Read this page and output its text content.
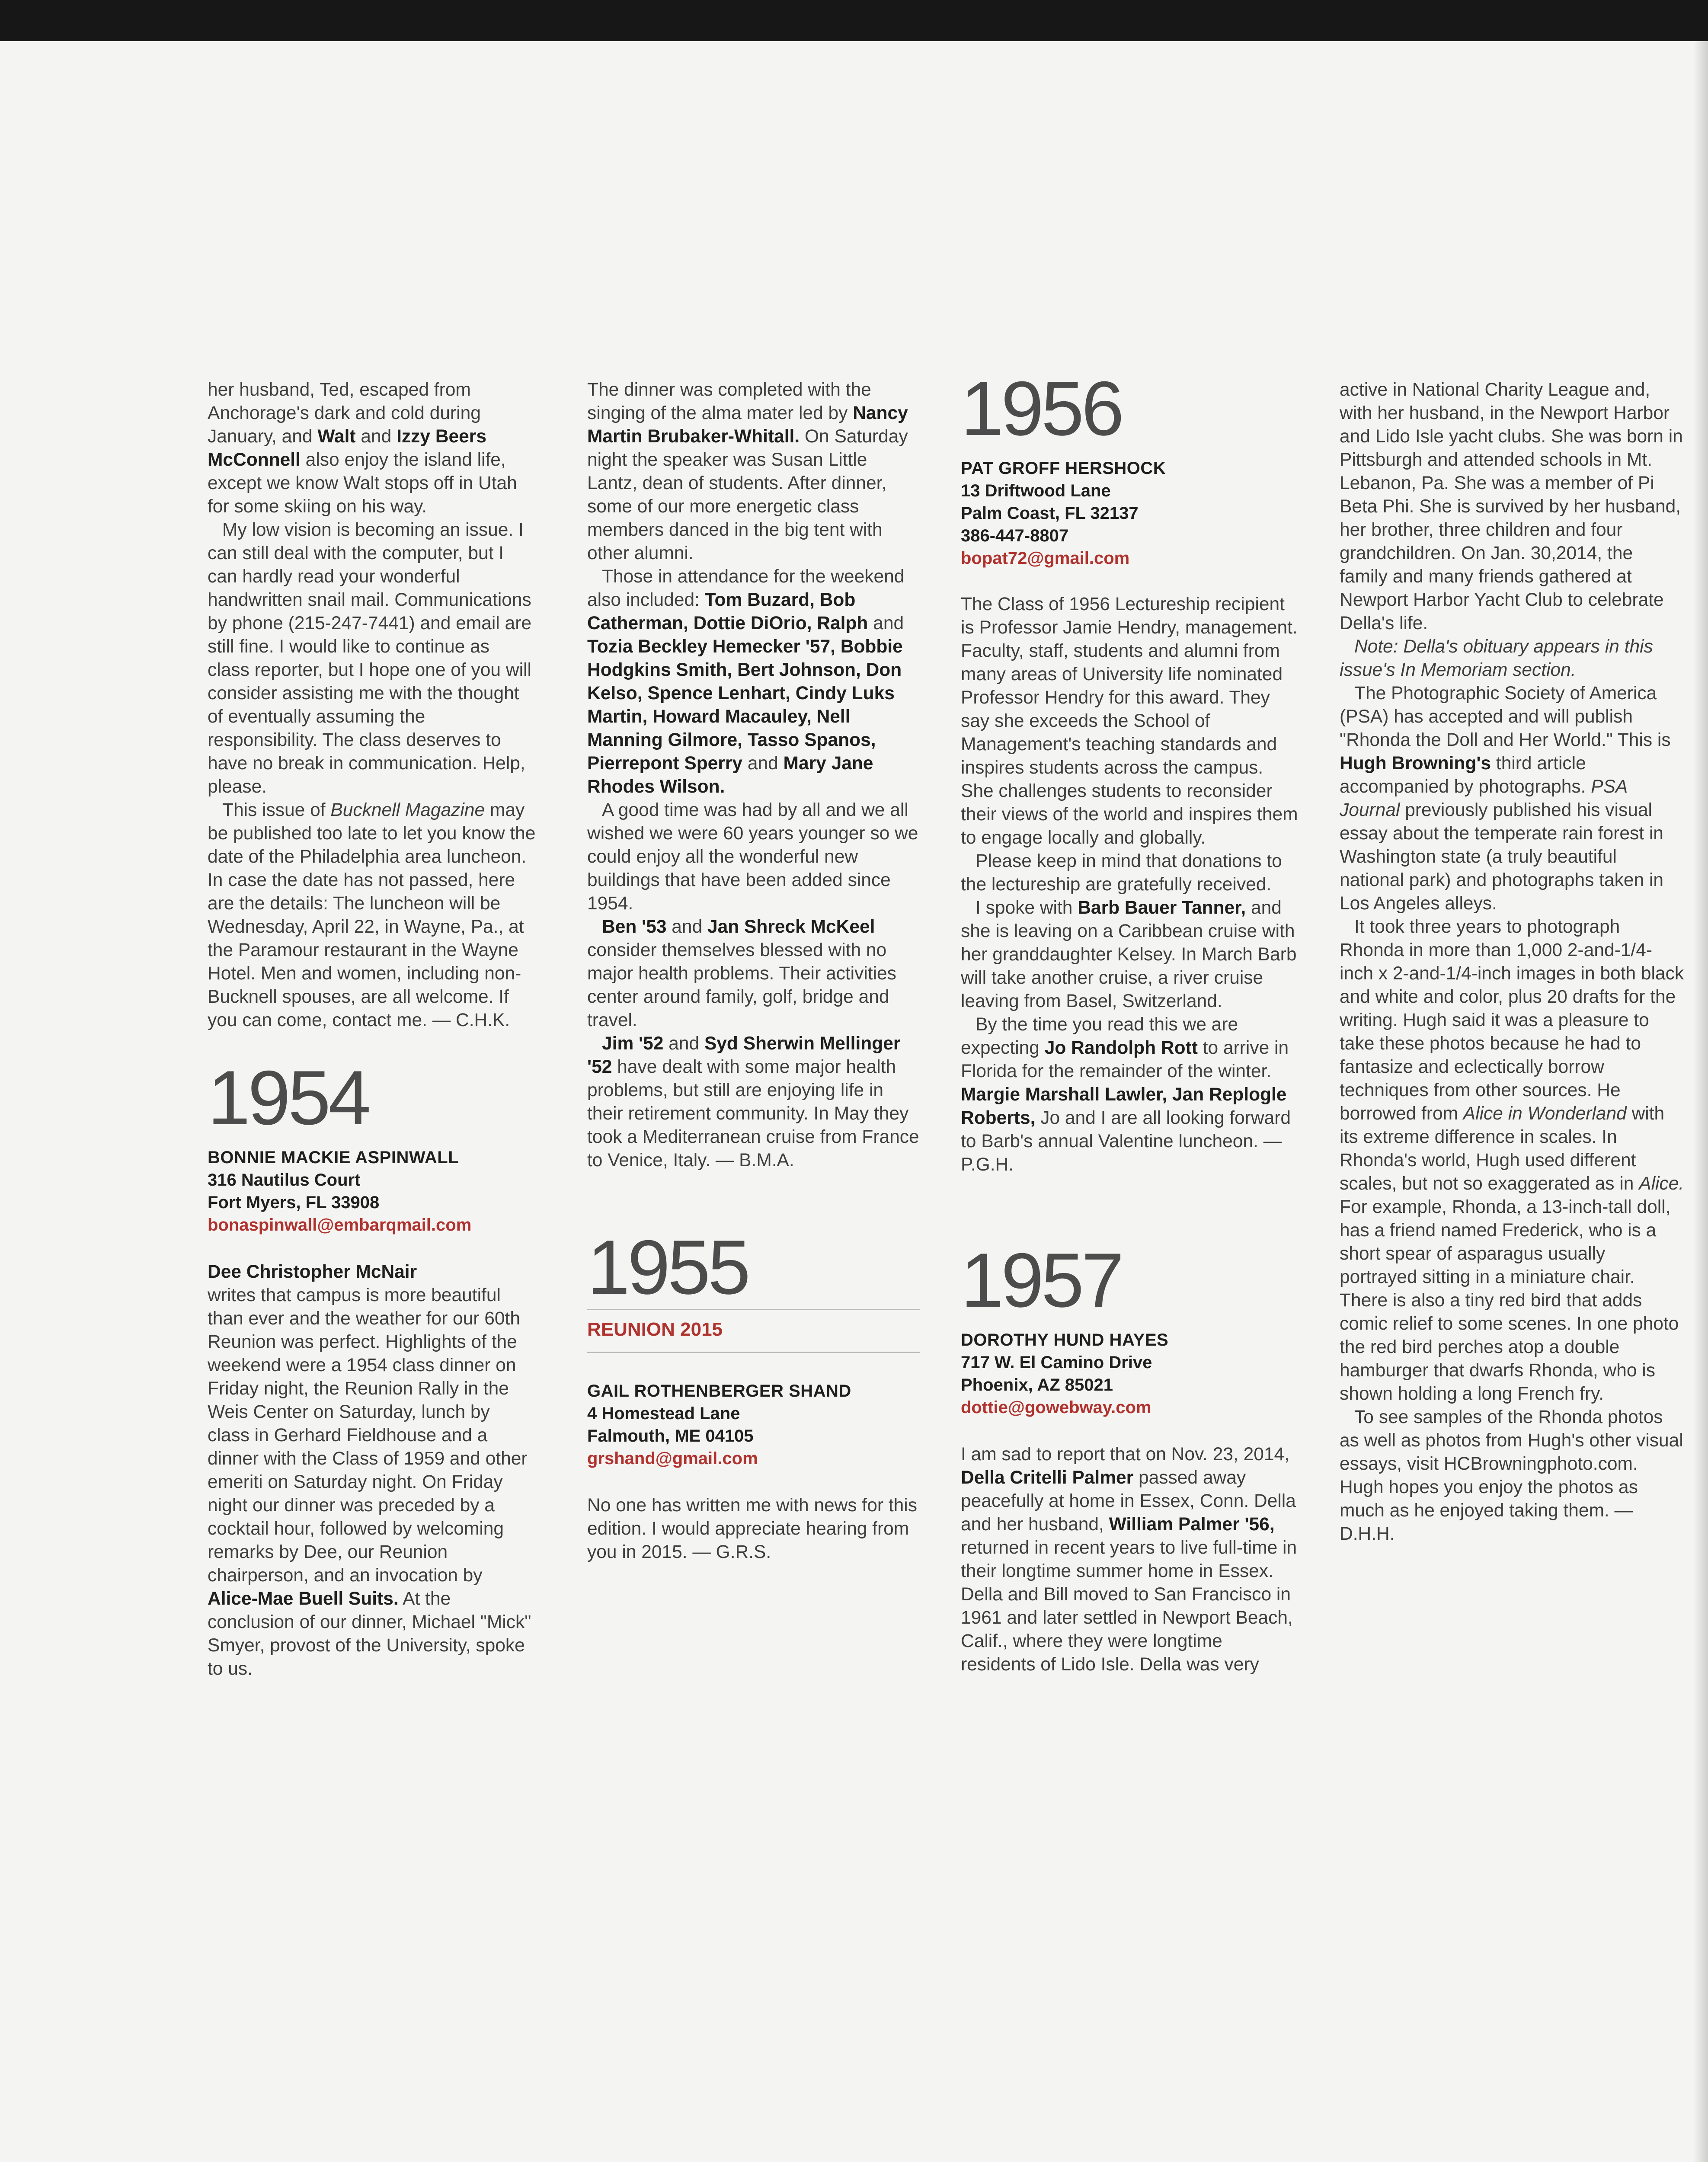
her husband, Ted, escaped from Anchorage's dark and cold during January, and Walt and Izzy Beers McConnell also enjoy the island life, except we know Walt stops off in Utah for some skiing on his way.

My low vision is becoming an issue. I can still deal with the computer, but I can hardly read your wonderful handwritten snail mail. Communications by phone (215-247-7441) and email are still fine. I would like to continue as class reporter, but I hope one of you will consider assisting me with the thought of eventually assuming the responsibility. The class deserves to have no break in communication. Help, please.

This issue of Bucknell Magazine may be published too late to let you know the date of the Philadelphia area luncheon. In case the date has not passed, here are the details: The luncheon will be Wednesday, April 22, in Wayne, Pa., at the Paramour restaurant in the Wayne Hotel. Men and women, including non-Bucknell spouses, are all welcome. If you can come, contact me. — C.H.K.

1954
BONNIE MACKIE ASPINWALL
316 Nautilus Court
Fort Myers, FL 33908
bonaspinwall@embarqmail.com

Dee Christopher McNair
writes that campus is more beautiful than ever and the weather for our 60th Reunion was perfect. Highlights of the weekend were a 1954 class dinner on Friday night, the Reunion Rally in the Weis Center on Saturday, lunch by class in Gerhard Fieldhouse and a dinner with the Class of 1959 and other emeriti on Saturday night. On Friday night our dinner was preceded by a cocktail hour, followed by welcoming remarks by Dee, our Reunion chairperson, and an invocation by Alice-Mae Buell Suits. At the conclusion of our dinner, Michael "Mick" Smyer, provost of the University, spoke to us.

The dinner was completed with the singing of the alma mater led by Nancy Martin Brubaker-Whitall. On Saturday night the speaker was Susan Little Lantz, dean of students. After dinner, some of our more energetic class members danced in the big tent with other alumni.

Those in attendance for the weekend also included: Tom Buzard, Bob Catherman, Dottie DiOrio, Ralph and Tozia Beckley Hemecker '57, Bobbie Hodgkins Smith, Bert Johnson, Don Kelso, Spence Lenhart, Cindy Luks Martin, Howard Macauley, Nell Manning Gilmore, Tasso Spanos, Pierrepont Sperry and Mary Jane Rhodes Wilson.

A good time was had by all and we all wished we were 60 years younger so we could enjoy all the wonderful new buildings that have been added since 1954.

Ben '53 and Jan Shreck McKeel consider themselves blessed with no major health problems. Their activities center around family, golf, bridge and travel.

Jim '52 and Syd Sherwin Mellinger '52 have dealt with some major health problems, but still are enjoying life in their retirement community. In May they took a Mediterranean cruise from France to Venice, Italy. — B.M.A.

1955
REUNION 2015
GAIL ROTHENBERGER SHAND
4 Homestead Lane
Falmouth, ME 04105
grshand@gmail.com

No one has written me with news for this edition. I would appreciate hearing from you in 2015. — G.R.S.

1956
PAT GROFF HERSHOCK
13 Driftwood Lane
Palm Coast, FL 32137
386-447-8807
bopat72@gmail.com

The Class of 1956 Lectureship recipient is Professor Jamie Hendry, management. Faculty, staff, students and alumni from many areas of University life nominated Professor Hendry for this award. They say she exceeds the School of Management's teaching standards and inspires students across the campus. She challenges students to reconsider their views of the world and inspires them to engage locally and globally.

Please keep in mind that donations to the lectureship are gratefully received.

I spoke with Barb Bauer Tanner, and she is leaving on a Caribbean cruise with her granddaughter Kelsey. In March Barb will take another cruise, a river cruise leaving from Basel, Switzerland.

By the time you read this we are expecting Jo Randolph Rott to arrive in Florida for the remainder of the winter. Margie Marshall Lawler, Jan Replogle Roberts, Jo and I are all looking forward to Barb's annual Valentine luncheon. — P.G.H.

1957
DOROTHY HUND HAYES
717 W. El Camino Drive
Phoenix, AZ 85021
dottie@gowebway.com

I am sad to report that on Nov. 23, 2014, Della Critelli Palmer passed away peacefully at home in Essex, Conn. Della and her husband, William Palmer '56, returned in recent years to live full-time in their longtime summer home in Essex. Della and Bill moved to San Francisco in 1961 and later settled in Newport Beach, Calif., where they were longtime residents of Lido Isle. Della was very

active in National Charity League and, with her husband, in the Newport Harbor and Lido Isle yacht clubs. She was born in Pittsburgh and attended schools in Mt. Lebanon, Pa. She was a member of Pi Beta Phi. She is survived by her husband, her brother, three children and four grandchildren. On Jan. 30,2014, the family and many friends gathered at Newport Harbor Yacht Club to celebrate Della's life.

Note: Della's obituary appears in this issue's In Memoriam section.

The Photographic Society of America (PSA) has accepted and will publish "Rhonda the Doll and Her World." This is Hugh Browning's third article accompanied by photographs. PSA Journal previously published his visual essay about the temperate rain forest in Washington state (a truly beautiful national park) and photographs taken in Los Angeles alleys.

It took three years to photograph Rhonda in more than 1,000 2-and-1/4-inch x 2-and-1/4-inch images in both black and white and color, plus 20 drafts for the writing. Hugh said it was a pleasure to take these photos because he had to fantasize and eclectically borrow techniques from other sources. He borrowed from Alice in Wonderland with its extreme difference in scales. In Rhonda's world, Hugh used different scales, but not so exaggerated as in Alice. For example, Rhonda, a 13-inch-tall doll, has a friend named Frederick, who is a short spear of asparagus usually portrayed sitting in a miniature chair. There is also a tiny red bird that adds comic relief to some scenes. In one photo the red bird perches atop a double hamburger that dwarfs Rhonda, who is shown holding a long French fry.

To see samples of the Rhonda photos as well as photos from Hugh's other visual essays, visit HCBrowningphoto.com. Hugh hopes you enjoy the photos as much as he enjoyed taking them. — D.H.H.
